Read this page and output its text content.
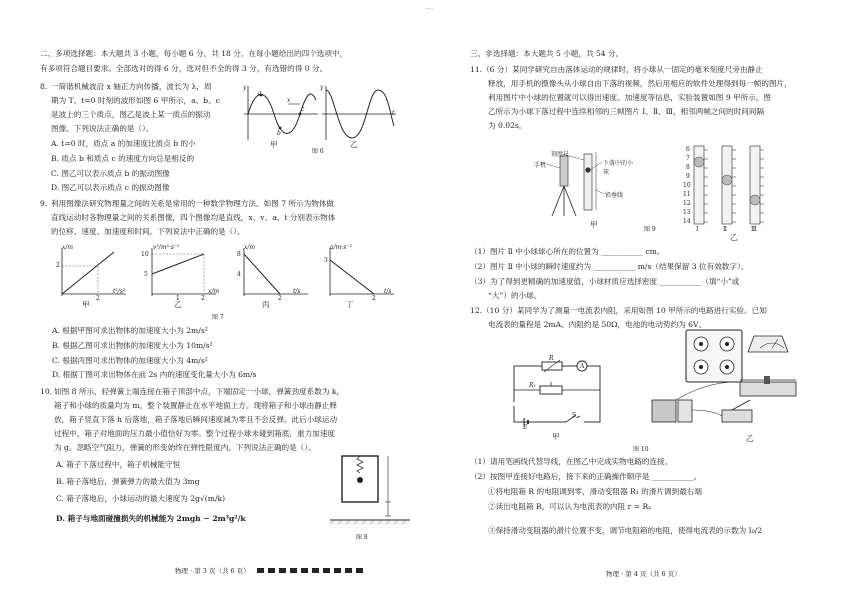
...
二、多项选择题：本大题共 3 小题，每小题 6 分，共 18 分。在每小题给出的四个选项中，
有多项符合题目要求。全部选对的得 6 分，选对但不全的得 3 分，有选错的得 0 分。
8. 一简谐机械波沿 x 轴正方向传播，波长为 λ，周
期为 T。t=0 时刻的波形如图 6 甲所示，a、b、c
是波上的三个质点，图乙是波上某一质点的振动
图像。下列说法正确的是（）。
A. t=0 时，质点 a 的加速度比质点 b 的小
B. 质点 b 和质点 c 的速度方向总是相反的
C. 图乙可以表示质点 b 的振动图像
D. 图乙可以表示质点 c 的振动图像
y
a
b
c
x
甲
y
t
乙
图 6
9. 利用图像法研究物理量之间的关系是常用的一种数学物理方法。如图 7 所示为物体做
直线运动时各物理量之间的关系图像，四个图像均是直线，x、v、a、t 分别表示物体
的位移、速度、加速度和时间。下列说法中正确的是（）。
x/m
2
2
t²/s²
甲
v²/m²·s⁻²
10
5
1	2
x/m
乙
x/m
8
4
2
t/s
丙
a/m·s⁻²
3
2
t/s
丁
图 7
A. 根据甲图可求出物体的加速度大小为 2m/s²
B. 根据乙图可求出物体的加速度大小为 10m/s²
C. 根据丙图可求出物体的加速度大小为 4m/s²
D. 根据丁图可求出物体在前 2s 内的速度变化量大小为 6m/s
10. 如图 8 所示，轻弹簧上端连接在箱子顶部中点，下端固定一小球，弹簧劲度系数为 k，
箱子和小球的质量均为 m。整个装置静止在水平地面上方。现将箱子和小球由静止释
放，箱子竖直下落 h 后落地，箱子落地后瞬间速度减为零且不会反弹。此后小球运动
过程中，箱子对地面的压力最小值恰好为零。整个过程小球未碰到箱底，重力加速度
为 g。忽略空气阻力，弹簧的形变始终在弹性限度内。下列说法正确的是（）。
A. 箱子下落过程中，箱子机械能守恒
B. 箱子落地后，弹簧弹力的最大值为 3mg
C. 箱子落地后，小球运动的最大速度为 2g√(m/k)
D. 箱子与地面碰撞损失的机械能为 2mgh − 2m³g²/k
图 8
物理 · 第 3 页（共 6 页）
三、非选择题：本大题共 5 小题，共 54 分。
11.（6 分）某同学研究自由落体运动的规律时，将小球从一固定的毫米刻度尺旁由静止
释放，用手机的摄像头从小球自由下落的视频，然后用相应的软件处理得到每一帧的图片，
利用图片中小球的位置就可以得出速度、加速度等信息，实验装置如图 9 甲所示。图
乙所示为小球下落过程中连续相邻的三帧图片 Ⅰ、Ⅱ、Ⅲ，相邻两帧之间的时间间隔
为 0.02s。
刻度尺
手机	下落中的小球
铅垂线
甲
6
7
8
9
10
11
12
13
14
Ⅰ	Ⅱ	Ⅲ
乙
图 9
（1）图片 Ⅱ 中小球球心所在的位置为 ___________ cm。
（2）图片 Ⅱ 中小球的瞬时速度约为 ___________ m/s（结果保留 3 位有效数字）。
（3）为了得到更精确的加速度值，小球材质应选择密度 ___________（填“小”或
“大”）的小球。
12.（10 分）某同学为了测量一电流表内阻，采用如图 10 甲所示的电路进行实验。已知
电流表的量程是 2mA、内阻约是 50Ω，电池的电动势约为 6V。
R
A
R₁
S
E
甲	乙
图 10
（1）请用笔画线代替导线，在图乙中完成实物电路的连接。
（2）按图甲连接好电路后，接下来的正确操作顺序是 ___________。
①将电阻箱 R 的电阻调到零，滑动变阻器 R₁ 的滑片调到最右端
②读出电阻箱 R，可以认为电流表的内阻 r = Rₓ
③保持滑动变阻器的滑片位置不变，调节电阻箱的电阻，使得电流表的示数为 I₀/2
物理 · 第 4 页（共 6 页）
